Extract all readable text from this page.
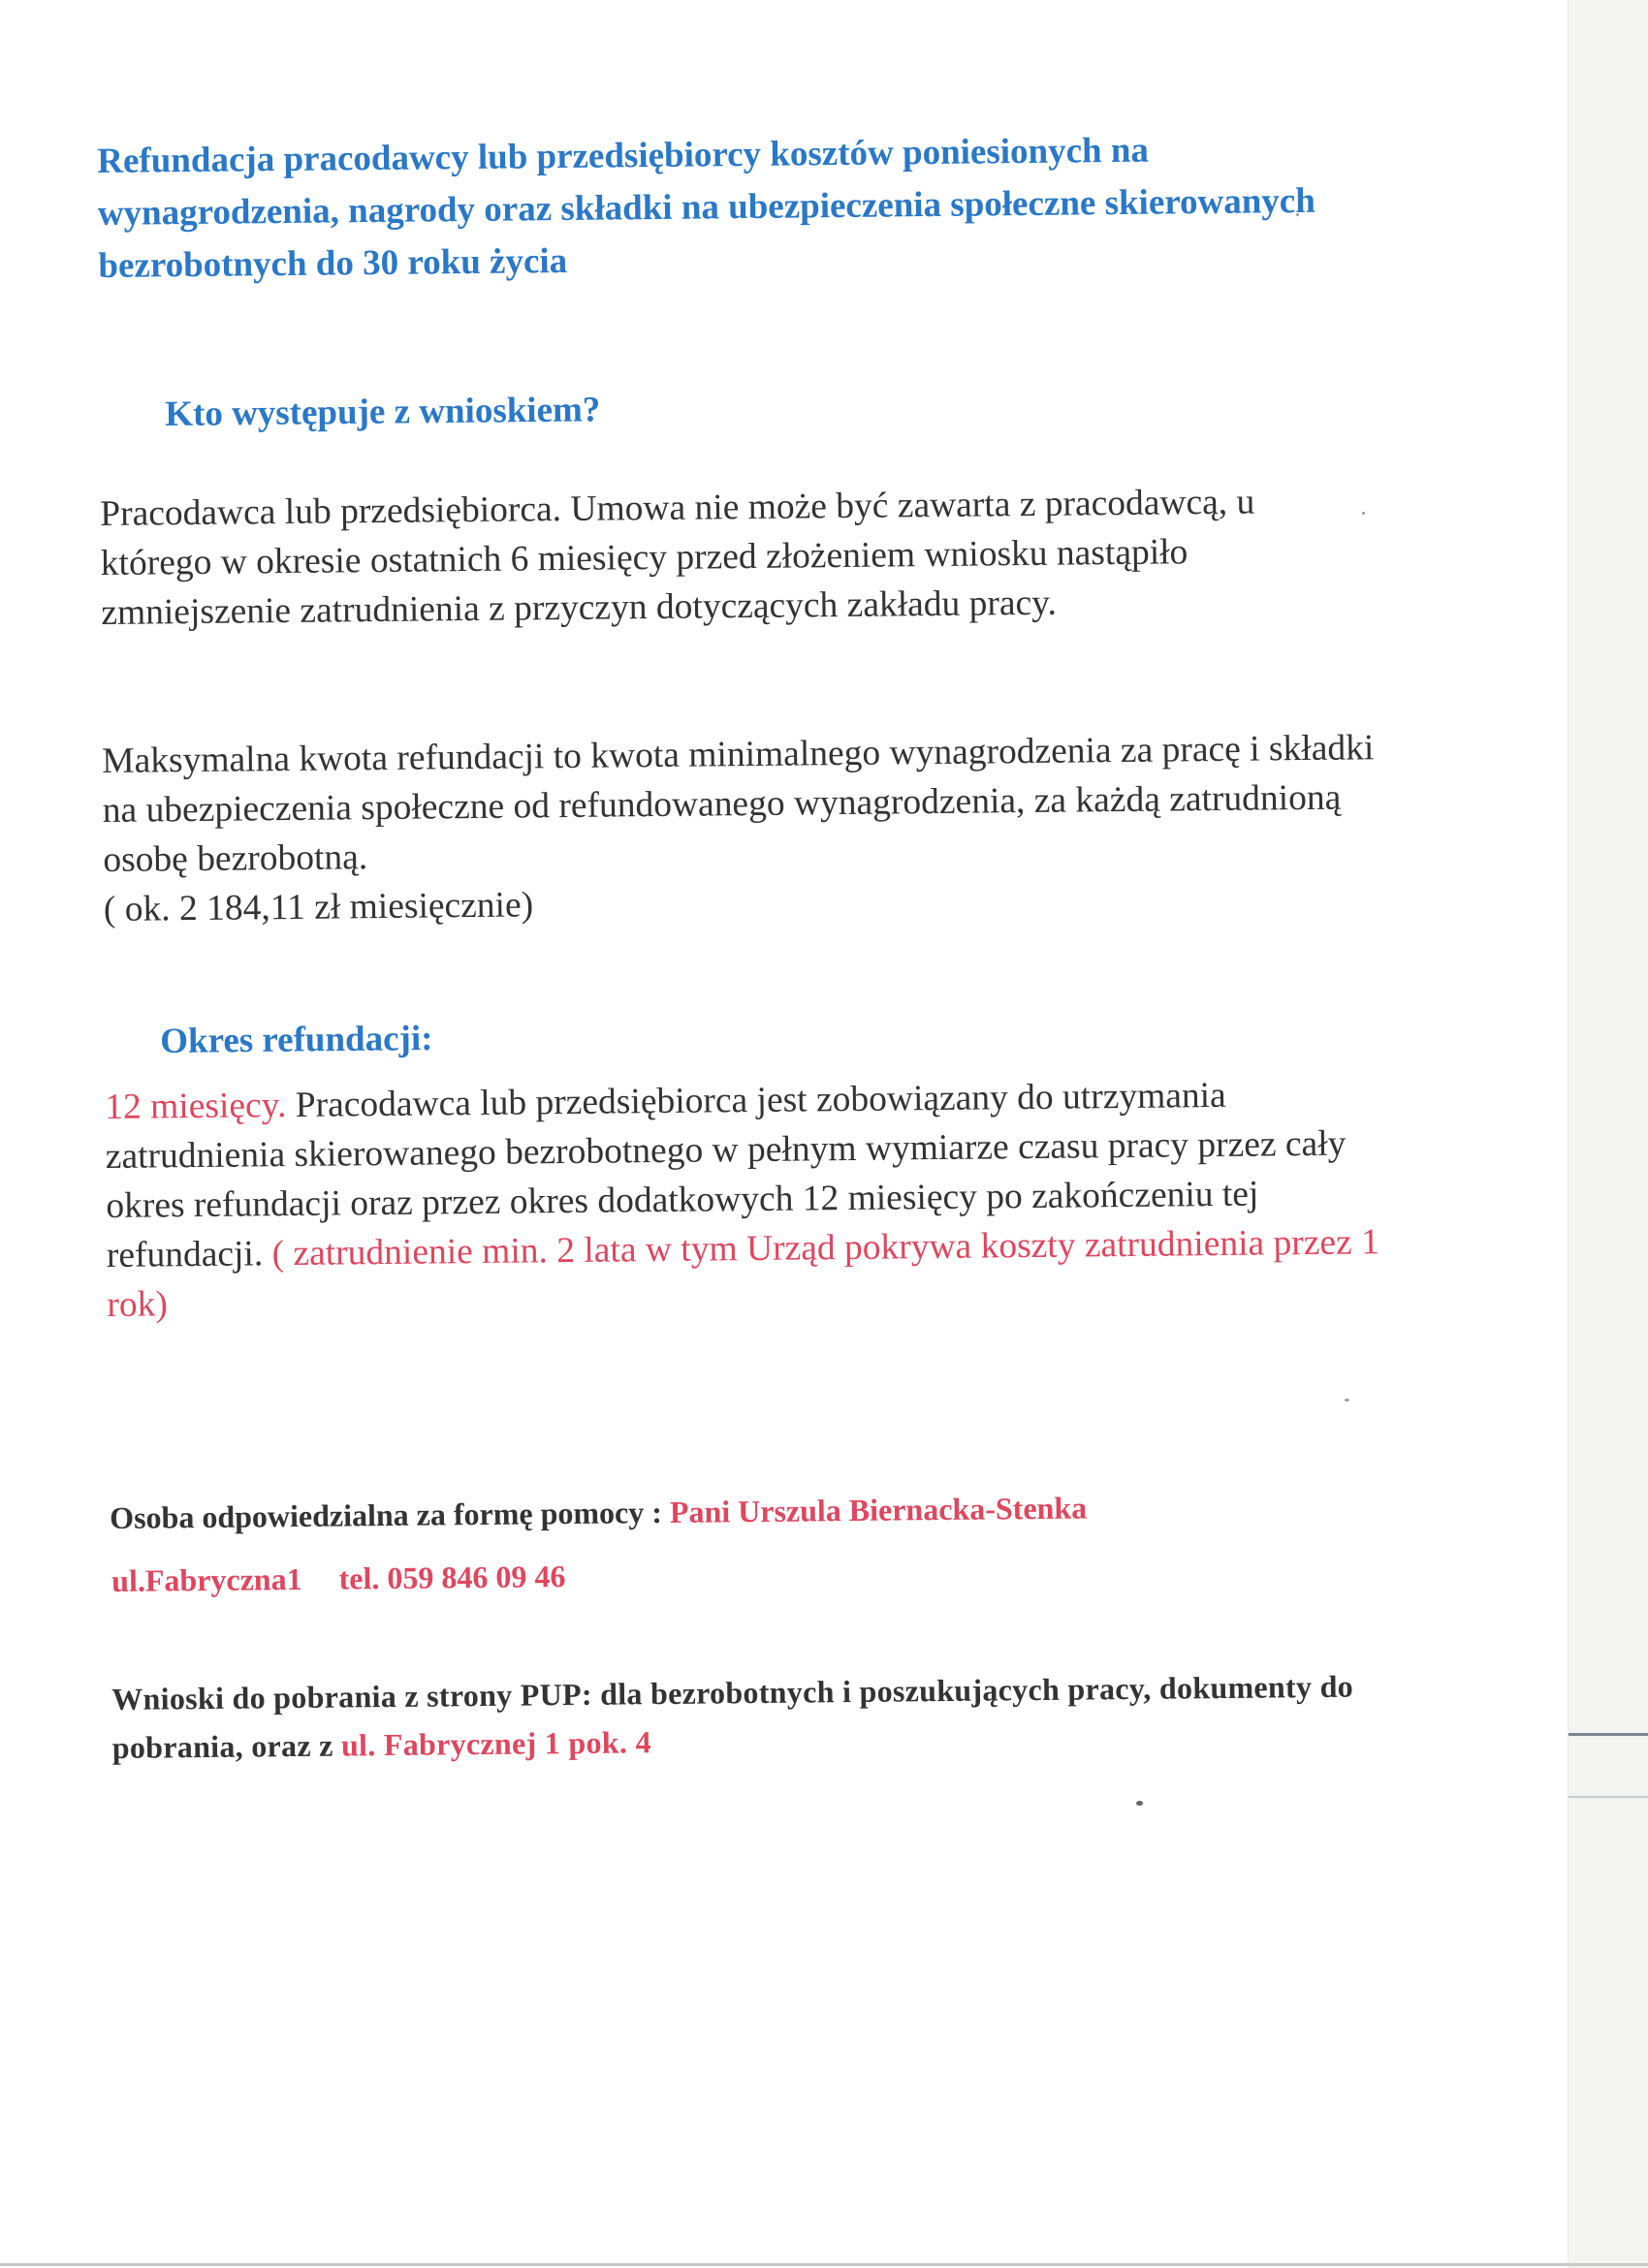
Refundacja pracodawcy lub przedsiębiorcy kosztów poniesionych na wynagrodzenia, nagrody oraz składki na ubezpieczenia społeczne skierowanych bezrobotnych do 30 roku życia
Kto występuje z wnioskiem?
Pracodawca lub przedsiębiorca. Umowa nie może być zawarta z pracodawcą, u którego w okresie ostatnich 6 miesięcy przed złożeniem wniosku nastąpiło zmniejszenie zatrudnienia z przyczyn dotyczących zakładu pracy.
Maksymalna kwota refundacji to kwota minimalnego wynagrodzenia za pracę i składki na ubezpieczenia społeczne od refundowanego wynagrodzenia, za każdą zatrudnioną osobę bezrobotną.
( ok. 2 184,11 zł miesięcznie)
Okres refundacji:
12 miesięcy. Pracodawca lub przedsiębiorca jest zobowiązany do utrzymania zatrudnienia skierowanego bezrobotnego w pełnym wymiarze czasu pracy przez cały okres refundacji oraz przez okres dodatkowych 12 miesięcy po zakończeniu tej refundacji. ( zatrudnienie min. 2 lata w tym Urząd pokrywa koszty zatrudnienia przez 1 rok)
Osoba odpowiedzialna za formę pomocy : Pani Urszula Biernacka-Stenka
ul.Fabryczna1 tel. 059 846 09 46
Wnioski do pobrania z strony PUP: dla bezrobotnych i poszukujących pracy, dokumenty do pobrania, oraz z ul. Fabrycznej 1 pok. 4
